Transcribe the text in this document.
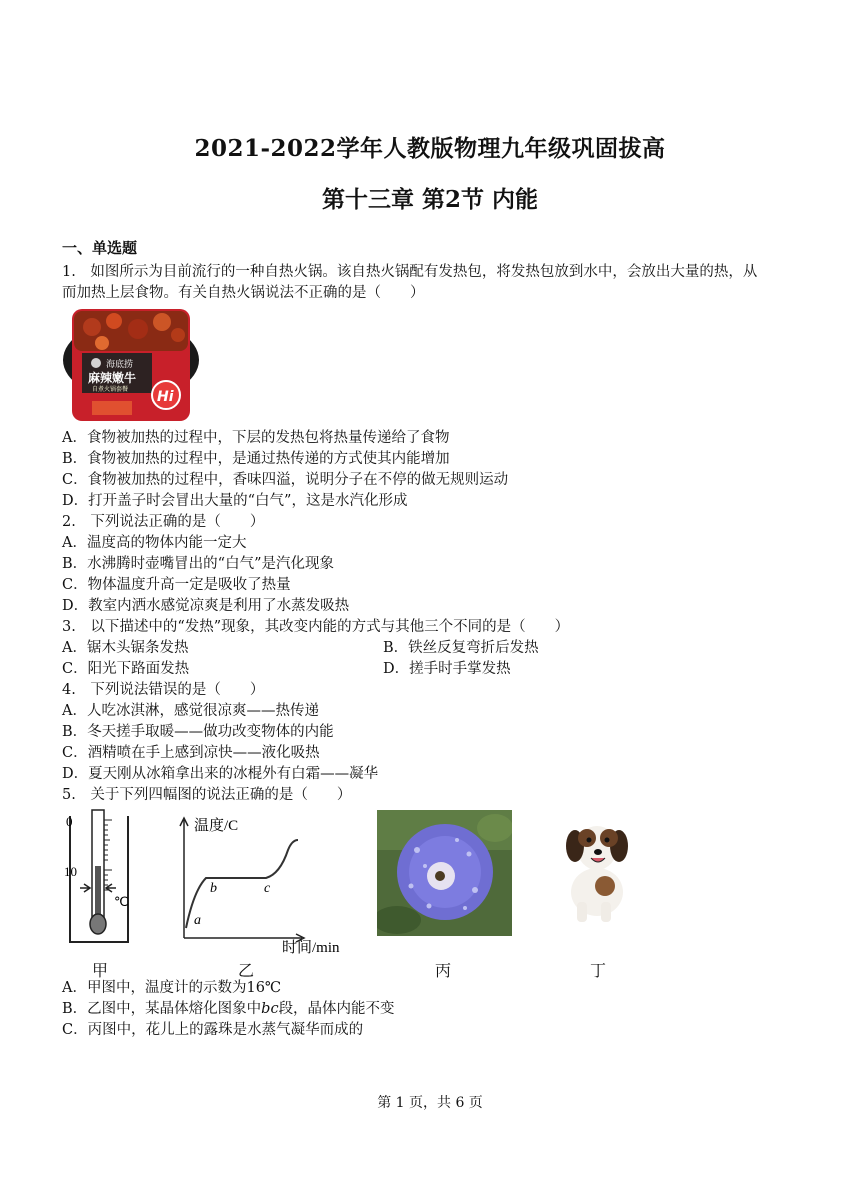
2021-2022学年人教版物理九年级巩固拔高
第十三章 第2节 内能
一、单选题
1.　如图所示为目前流行的一种自热火锅。该自热火锅配有发热包，将发热包放到水中，会放出大量的热，从
而加热上层食物。有关自热火锅说法不正确的是（　　）
海底捞
麻辣嫩牛
自煮火锅套餐 Hi
A．食物被加热的过程中，下层的发热包将热量传递给了食物
B．食物被加热的过程中，是通过热传递的方式使其内能增加
C．食物被加热的过程中，香味四溢，说明分子在不停的做无规则运动
D．打开盖子时会冒出大量的“白气”，这是水汽化形成
2.　下列说法正确的是（　　）
A．温度高的物体内能一定大
B．水沸腾时壶嘴冒出的“白气”是汽化现象
C．物体温度升高一定是吸收了热量
D．教室内洒水感觉凉爽是利用了水蒸发吸热
3.　以下描述中的“发热”现象，其改变内能的方式与其他三个不同的是（　　）
A．锯木头锯条发热	B．铁丝反复弯折后发热
C．阳光下路面发热	D．搓手时手掌发热
4.　下列说法错误的是（　　）
A．人吃冰淇淋，感觉很凉爽——热传递
B．冬天搓手取暖——做功改变物体的内能
C．酒精喷在手上感到凉快——液化吸热
D．夏天刚从冰箱拿出来的冰棍外有白霜——凝华
5.　关于下列四幅图的说法正确的是（　　）
0
10
℃
温度/C
时间/min
a
b	c
甲	乙	丙	丁
A．甲图中，温度计的示数为16℃
B．乙图中，某晶体熔化图象中bc段，晶体内能不变
C．丙图中，花儿上的露珠是水蒸气凝华而成的
第 1 页，共 6 页
